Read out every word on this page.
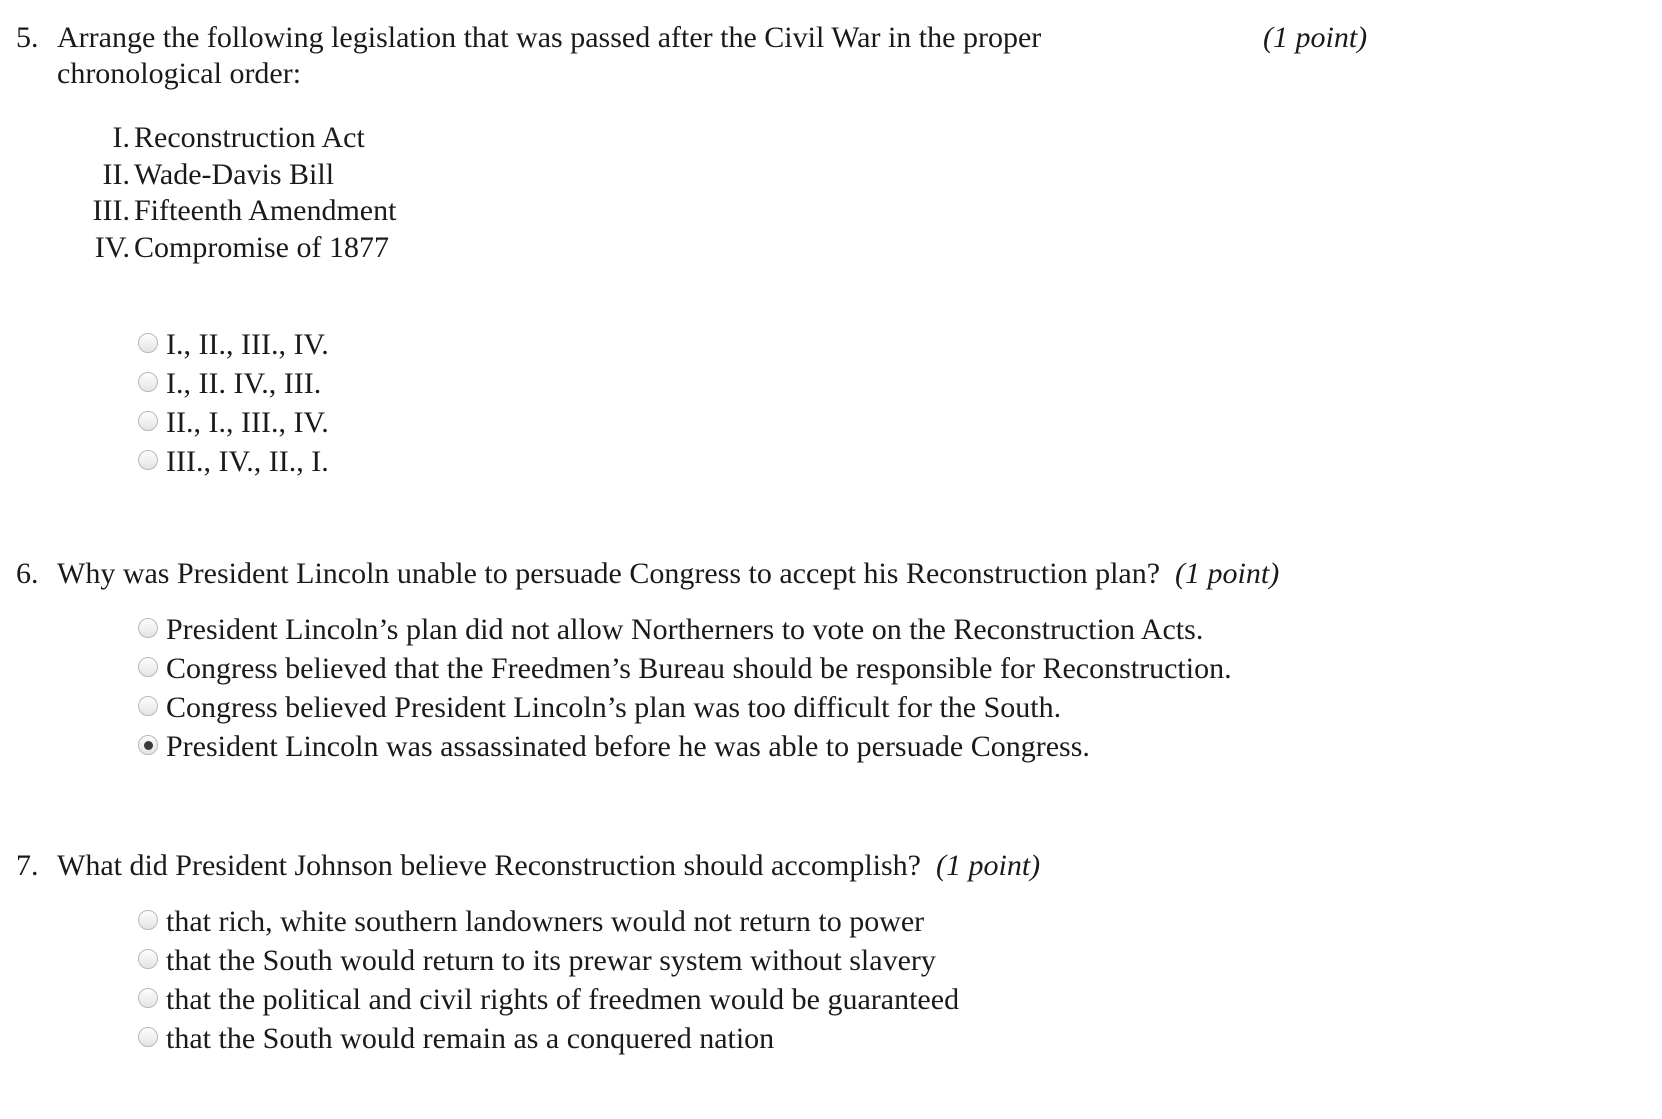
5. Arrange the following legislation that was passed after the Civil War in the proper
chronological order:
(1 point)
I. Reconstruction Act
II. Wade-Davis Bill
III. Fifteenth Amendment
IV. Compromise of 1877
I., II., III., IV.
I., II. IV., III.
II., I., III., IV.
III., IV., II., I.
6. Why was President Lincoln unable to persuade Congress to accept his Reconstruction plan? (1 point)
President Lincoln’s plan did not allow Northerners to vote on the Reconstruction Acts.
Congress believed that the Freedmen’s Bureau should be responsible for Reconstruction.
Congress believed President Lincoln’s plan was too difficult for the South.
President Lincoln was assassinated before he was able to persuade Congress.
7. What did President Johnson believe Reconstruction should accomplish? (1 point)
that rich, white southern landowners would not return to power
that the South would return to its prewar system without slavery
that the political and civil rights of freedmen would be guaranteed
that the South would remain as a conquered nation
